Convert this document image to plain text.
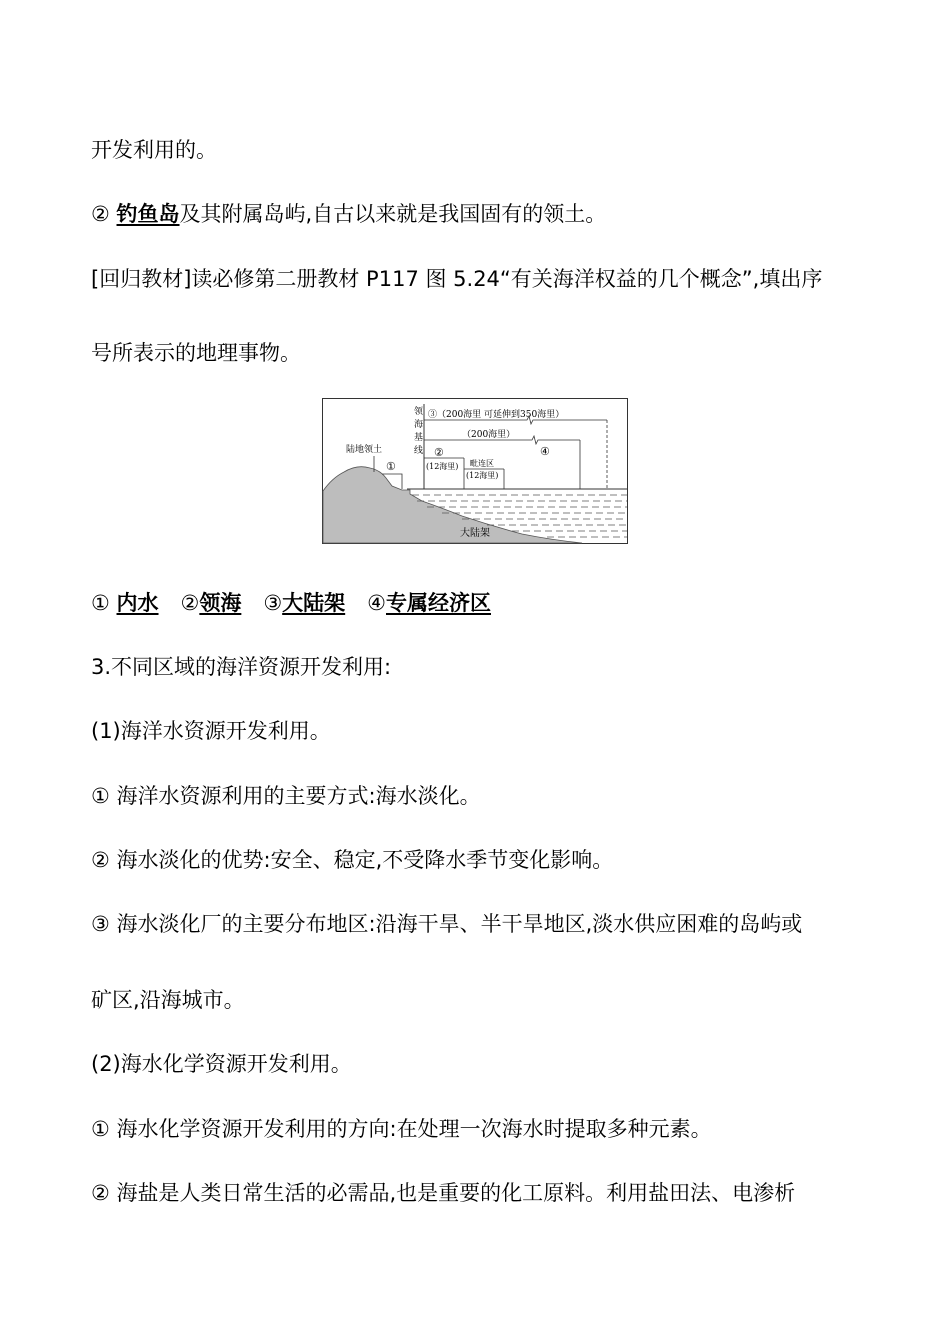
开发利用的。
② 钓鱼岛及其附属岛屿,自古以来就是我国固有的领土。
[回归教材]读必修第二册教材 P117 图 5.24“有关海洋权益的几个概念”,填出序
号所表示的地理事物。
领
海
基
线
③（200海里 可延伸到350海里）
（200海里）
④
②
(12海里) 毗连区
(12海里)
陆地领土
①
大陆架
① 内水 ②领海 ③大陆架 ④专属经济区
3.不同区域的海洋资源开发利用:
(1)海洋水资源开发利用。
① 海洋水资源利用的主要方式:海水淡化。
② 海水淡化的优势:安全、稳定,不受降水季节变化影响。
③ 海水淡化厂的主要分布地区:沿海干旱、半干旱地区,淡水供应困难的岛屿或
矿区,沿海城市。
(2)海水化学资源开发利用。
① 海水化学资源开发利用的方向:在处理一次海水时提取多种元素。
② 海盐是人类日常生活的必需品,也是重要的化工原料。利用盐田法、电渗析
